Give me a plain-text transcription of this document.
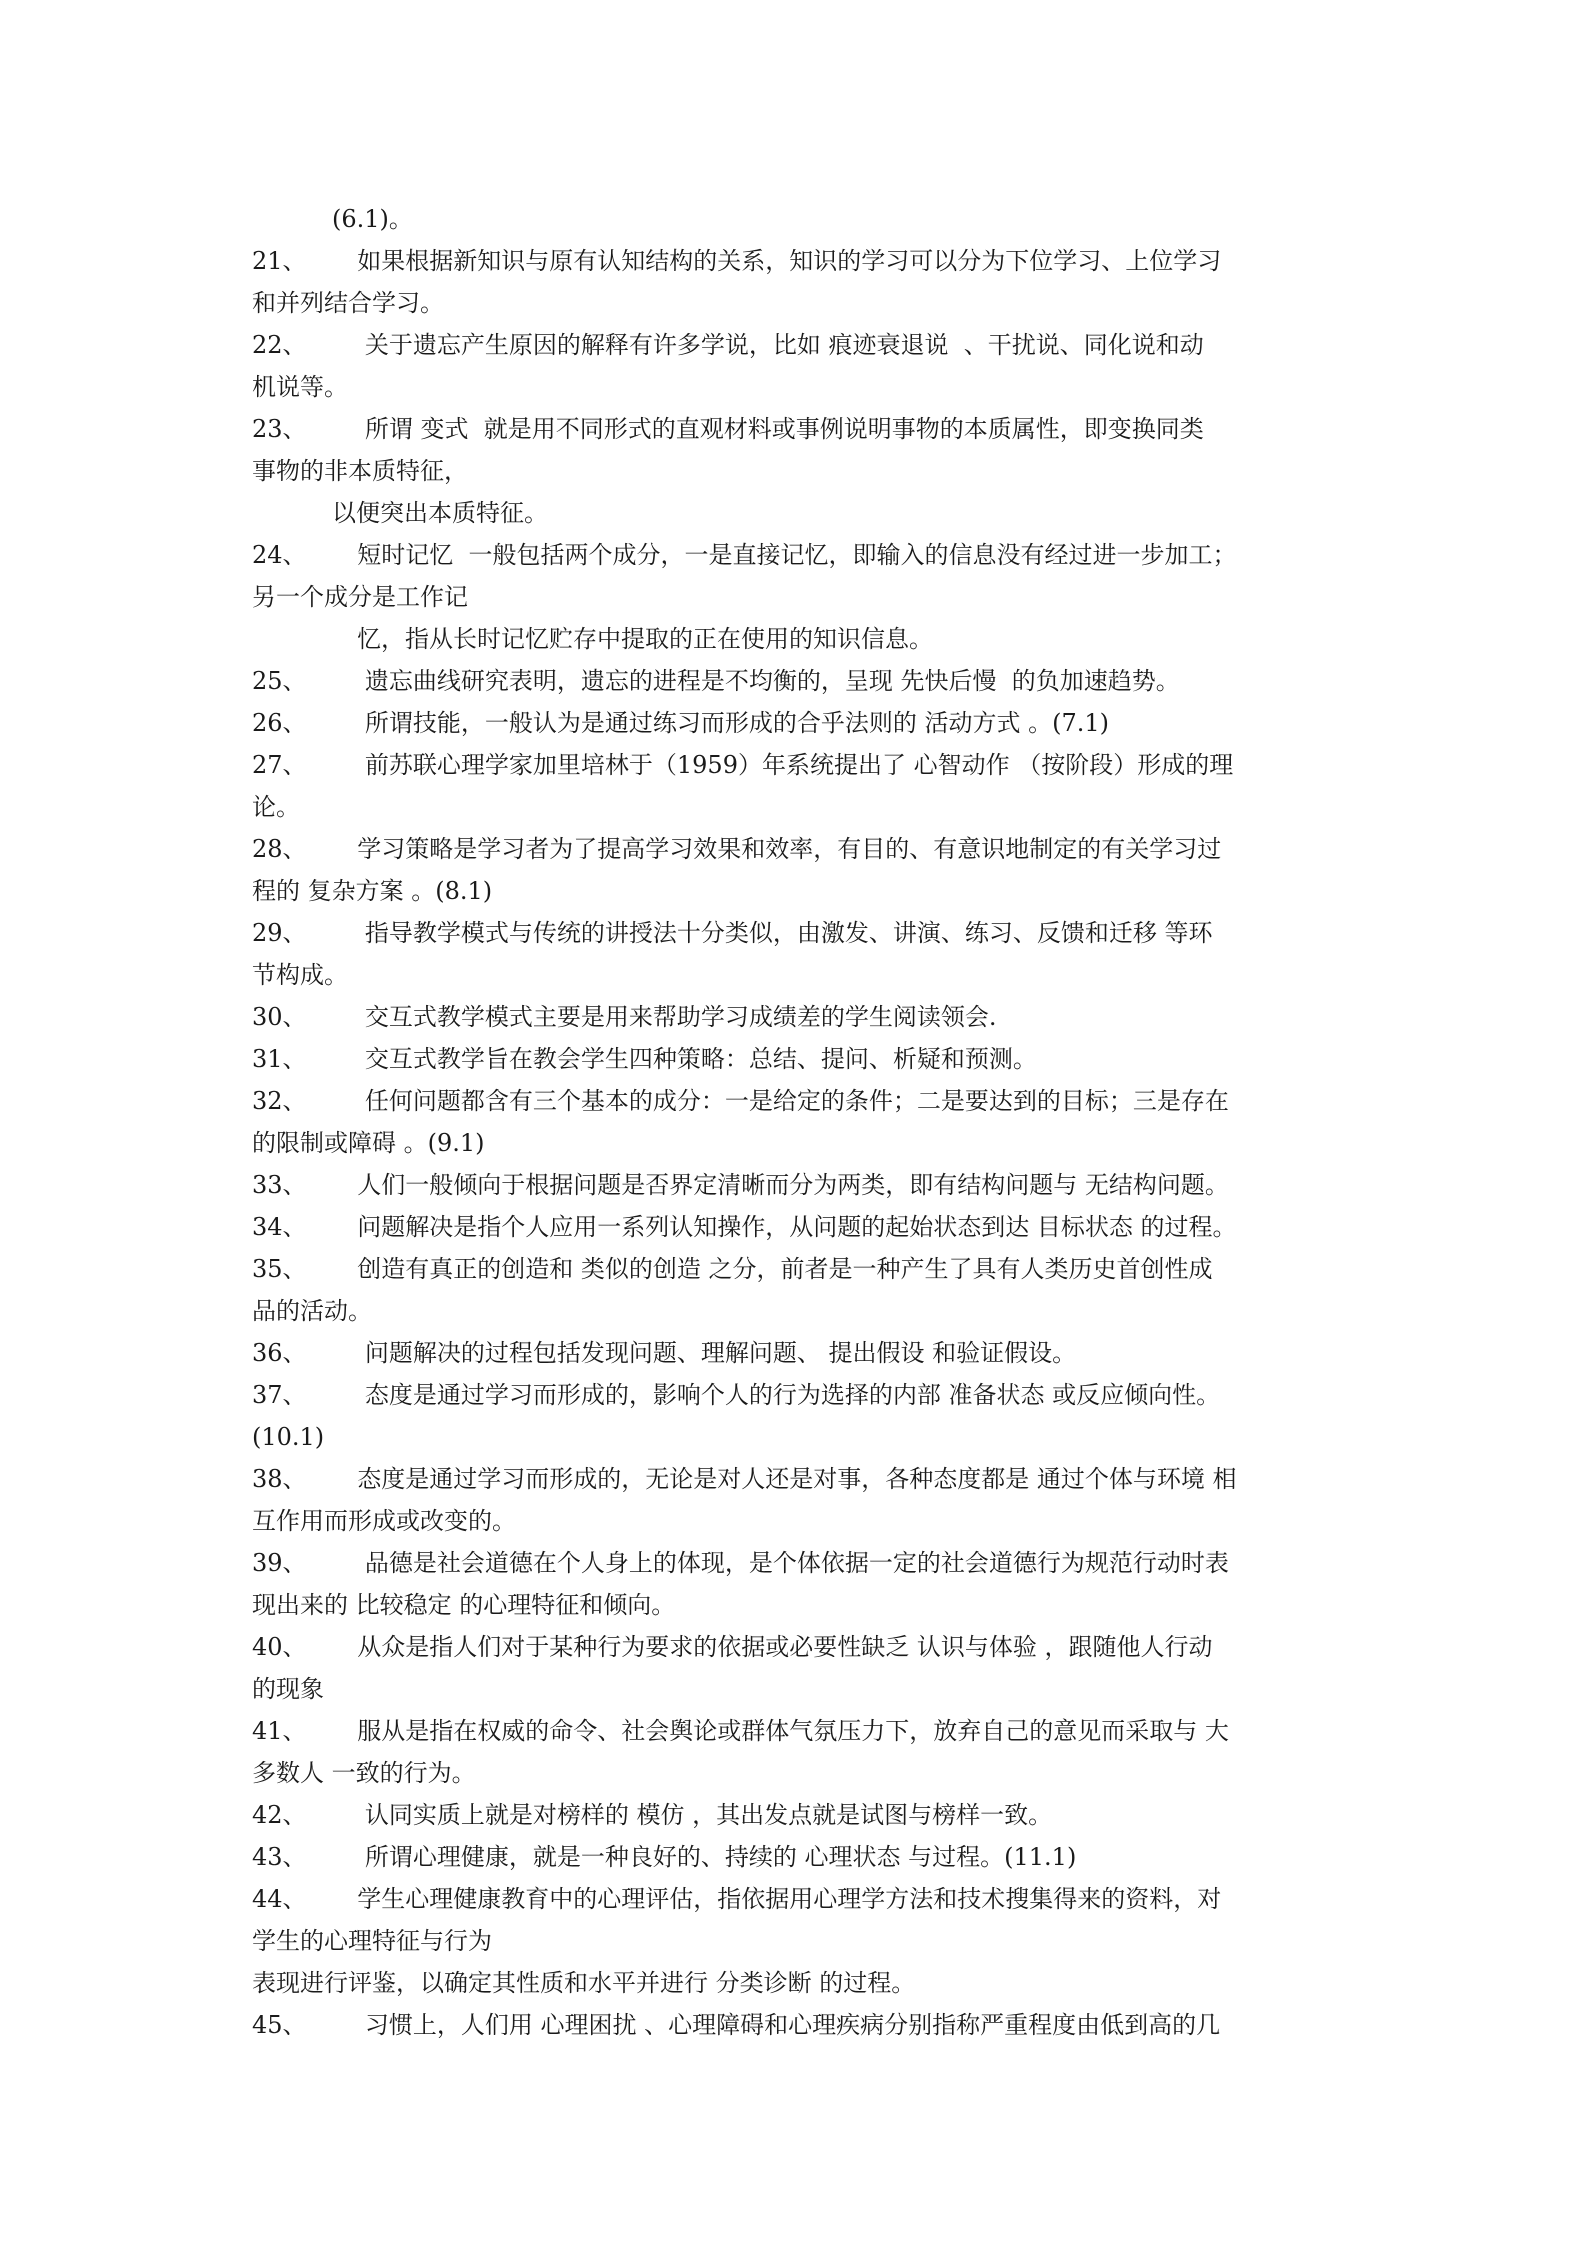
(6.1)。
21、  如果根据新知识与原有认知结构的关系，知识的学习可以分为下位学习、上位学习
和并列结合学习。
22、   关于遗忘产生原因的解释有许多学说，比如 痕迹衰退说  、干扰说、同化说和动
机说等。
23、   所谓 变式  就是用不同形式的直观材料或事例说明事物的本质属性，即变换同类
事物的非本质特征，
以便突出本质特征。
24、  短时记忆  一般包括两个成分，一是直接记忆，即输入的信息没有经过进一步加工；
另一个成分是工作记
忆，指从长时记忆贮存中提取的正在使用的知识信息。
25、   遗忘曲线研究表明，遗忘的进程是不均衡的，呈现 先快后慢  的负加速趋势。
26、   所谓技能，一般认为是通过练习而形成的合乎法则的 活动方式 。(7.1)
27、   前苏联心理学家加里培林于（1959）年系统提出了 心智动作 （按阶段）形成的理
论。
28、  学习策略是学习者为了提高学习效果和效率，有目的、有意识地制定的有关学习过
程的 复杂方案 。(8.1)
29、   指导教学模式与传统的讲授法十分类似，由激发、讲演、练习、反馈和迁移 等环
节构成。
30、   交互式教学模式主要是用来帮助学习成绩差的学生阅读领会.
31、   交互式教学旨在教会学生四种策略：总结、提问、析疑和预测。
32、   任何问题都含有三个基本的成分：一是给定的条件；二是要达到的目标；三是存在
的限制或障碍 。(9.1)
33、  人们一般倾向于根据问题是否界定清晰而分为两类，即有结构问题与 无结构问题。
34、  问题解决是指个人应用一系列认知操作，从问题的起始状态到达 目标状态 的过程。
35、  创造有真正的创造和 类似的创造 之分，前者是一种产生了具有人类历史首创性成
品的活动。
36、   问题解决的过程包括发现问题、理解问题、 提出假设 和验证假设。
37、   态度是通过学习而形成的，影响个人的行为选择的内部 准备状态 或反应倾向性。
(10.1)
38、  态度是通过学习而形成的，无论是对人还是对事，各种态度都是 通过个体与环境 相
互作用而形成或改变的。
39、   品德是社会道德在个人身上的体现，是个体依据一定的社会道德行为规范行动时表
现出来的 比较稳定 的心理特征和倾向。
40、  从众是指人们对于某种行为要求的依据或必要性缺乏 认识与体验 ，跟随他人行动
的现象
41、  服从是指在权威的命令、社会舆论或群体气氛压力下，放弃自己的意见而采取与 大
多数人 一致的行为。
42、   认同实质上就是对榜样的 模仿 ，其出发点就是试图与榜样一致。
43、   所谓心理健康，就是一种良好的、持续的 心理状态 与过程。(11.1)
44、  学生心理健康教育中的心理评估，指依据用心理学方法和技术搜集得来的资料，对
学生的心理特征与行为
表现进行评鉴，以确定其性质和水平并进行 分类诊断 的过程。
45、   习惯上，人们用 心理困扰 、心理障碍和心理疾病分别指称严重程度由低到高的几
